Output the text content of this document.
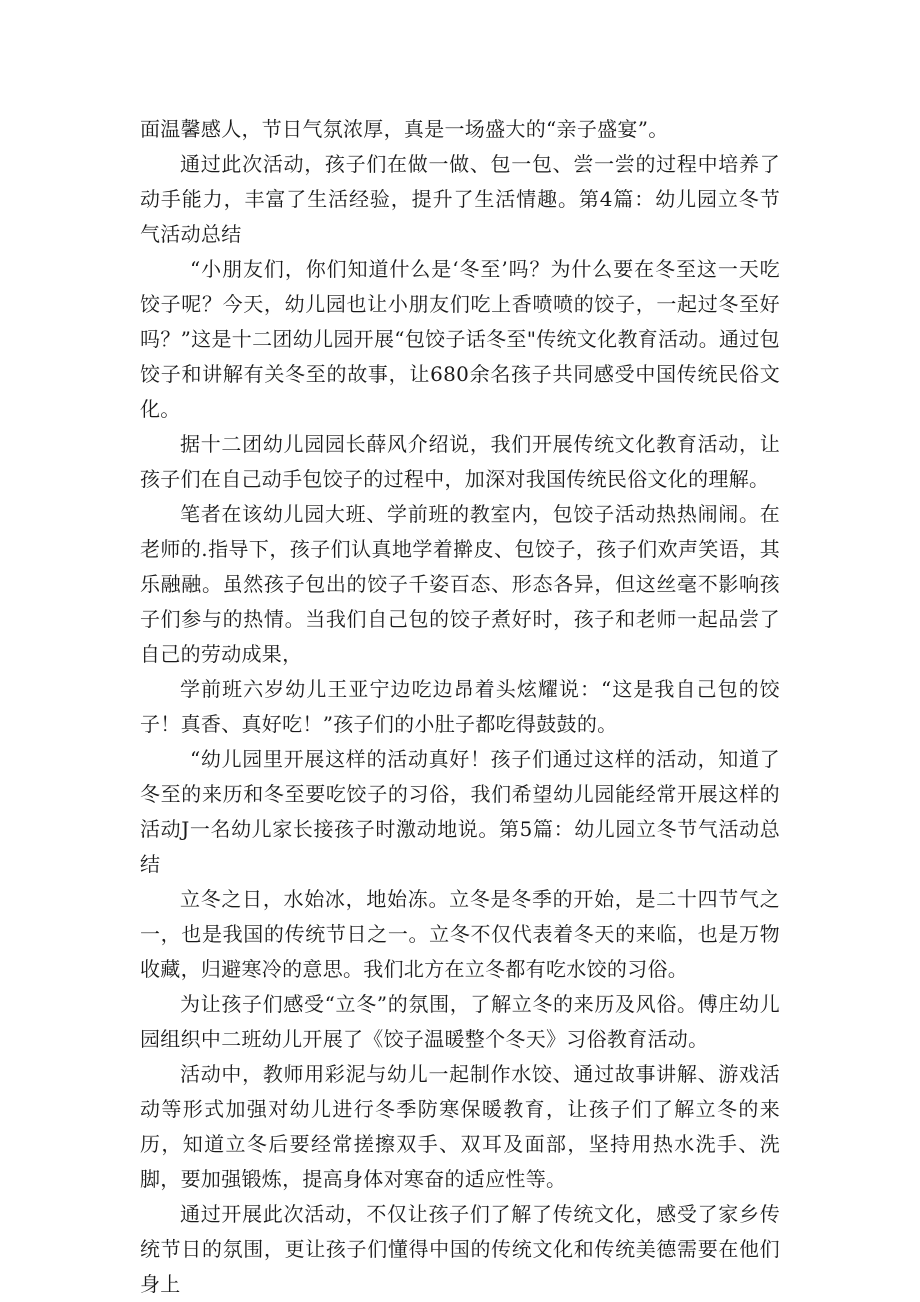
面温馨感人，节日气氛浓厚，真是一场盛大的“亲子盛宴”。

通过此次活动，孩子们在做一做、包一包、尝一尝的过程中培养了动手能力，丰富了生活经验，提升了生活情趣。第4篇：幼儿园立冬节气活动总结

“小朋友们，你们知道什么是‘冬至’吗？为什么要在冬至这一天吃饺子呢？今天，幼儿园也让小朋友们吃上香喷喷的饺子，一起过冬至好吗？”这是十二团幼儿园开展“包饺子话冬至"传统文化教育活动。通过包饺子和讲解有关冬至的故事，让680余名孩子共同感受中国传统民俗文化。

据十二团幼儿园园长薛风介绍说，我们开展传统文化教育活动，让孩子们在自己动手包饺子的过程中，加深对我国传统民俗文化的理解。

笔者在该幼儿园大班、学前班的教室内，包饺子活动热热闹闹。在老师的.指导下，孩子们认真地学着擀皮、包饺子，孩子们欢声笑语，其乐融融。虽然孩子包出的饺子千姿百态、形态各异，但这丝毫不影响孩子们参与的热情。当我们自己包的饺子煮好时，孩子和老师一起品尝了自己的劳动成果，

学前班六岁幼儿王亚宁边吃边昂着头炫耀说：“这是我自己包的饺子！真香、真好吃！”孩子们的小肚子都吃得鼓鼓的。

“幼儿园里开展这样的活动真好！孩子们通过这样的活动，知道了冬至的来历和冬至要吃饺子的习俗，我们希望幼儿园能经常开展这样的活动J一名幼儿家长接孩子时激动地说。第5篇：幼儿园立冬节气活动总结

立冬之日，水始冰，地始冻。立冬是冬季的开始，是二十四节气之一，也是我国的传统节日之一。立冬不仅代表着冬天的来临，也是万物收藏，归避寒冷的意思。我们北方在立冬都有吃水饺的习俗。

为让孩子们感受“立冬”的氛围，了解立冬的来历及风俗。傅庄幼儿园组织中二班幼儿开展了《饺子温暖整个冬天》习俗教育活动。

活动中，教师用彩泥与幼儿一起制作水饺、通过故事讲解、游戏活动等形式加强对幼儿进行冬季防寒保暖教育，让孩子们了解立冬的来历，知道立冬后要经常搓擦双手、双耳及面部，坚持用热水洗手、洗脚，要加强锻炼，提高身体对寒奋的适应性等。

通过开展此次活动，不仅让孩子们了解了传统文化，感受了家乡传统节日的氛围，更让孩子们懂得中国的传统文化和传统美德需要在他们身上
